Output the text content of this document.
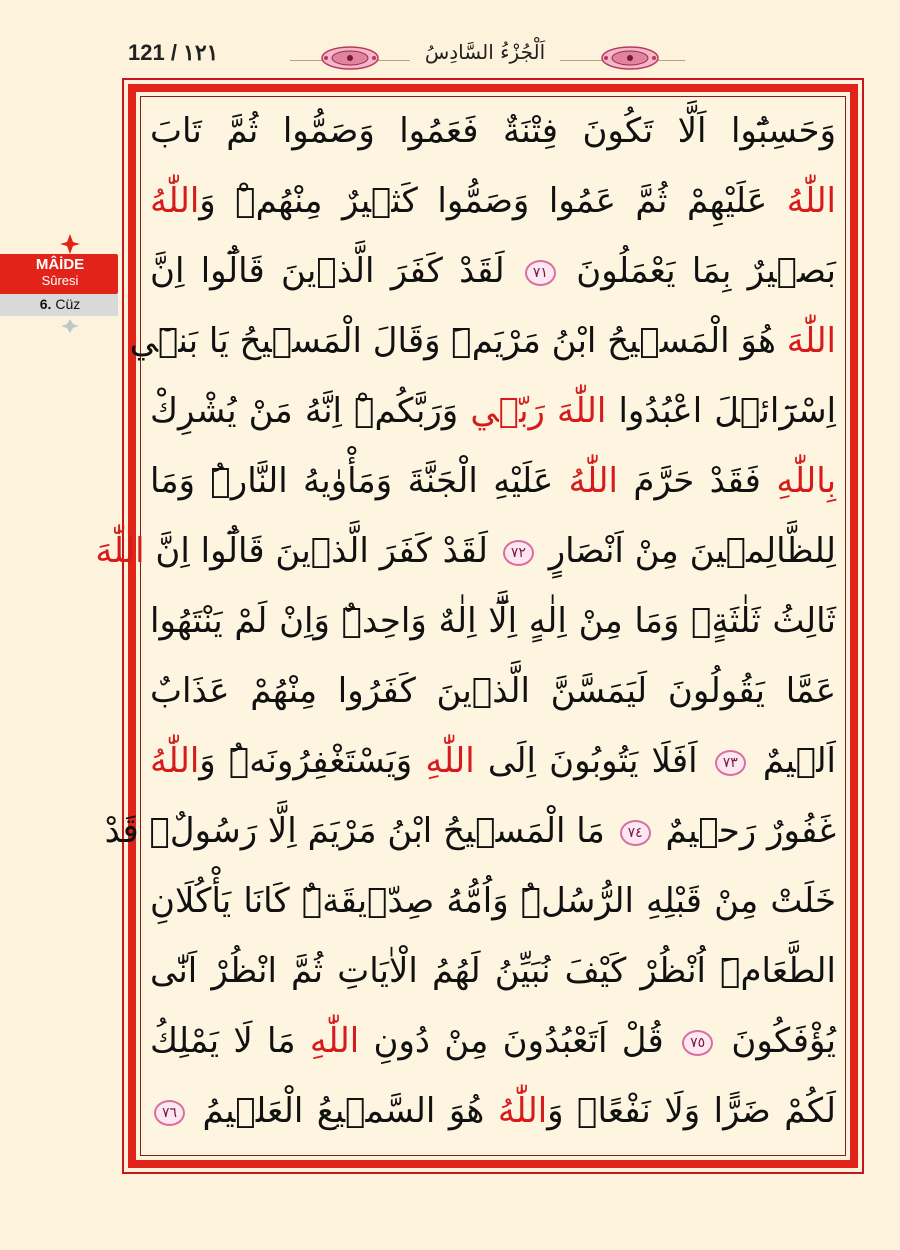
121 / ١٢١	اَلْجُزْءُ السَّادِسُ
MÂİDE
Sûresi
6. Cüz
وَحَسِبُٓوا اَلَّا تَكُونَ فِتْنَةٌ فَعَمُوا وَصَمُّوا ثُمَّ تَابَ
اللّٰهُ عَلَيْهِمْ ثُمَّ عَمُوا وَصَمُّوا كَث۪يرٌ مِنْهُمْۜ وَاللّٰهُ
بَص۪يرٌ بِمَا يَعْمَلُونَ ٧١ لَقَدْ كَفَرَ الَّذ۪ينَ قَالُٓوا اِنَّ
اللّٰهَ هُوَ الْمَس۪يحُ ابْنُ مَرْيَمَۜ وَقَالَ الْمَس۪يحُ يَا بَن۪ٓي
اِسْرَٓائ۪لَ اعْبُدُوا اللّٰهَ رَبّ۪ي وَرَبَّكُمْۜ اِنَّهُ مَنْ يُشْرِكْ
بِاللّٰهِ فَقَدْ حَرَّمَ اللّٰهُ عَلَيْهِ الْجَنَّةَ وَمَأْوٰيهُ النَّارُۜ وَمَا
لِلظَّالِم۪ينَ مِنْ اَنْصَارٍ ٧٢ لَقَدْ كَفَرَ الَّذ۪ينَ قَالُٓوا اِنَّ اللّٰهَ
ثَالِثُ ثَلٰثَةٍۢ وَمَا مِنْ اِلٰهٍ اِلَّٓا اِلٰهٌ وَاحِدٌۜ وَاِنْ لَمْ يَنْتَهُوا
عَمَّا يَقُولُونَ لَيَمَسَّنَّ الَّذ۪ينَ كَفَرُوا مِنْهُمْ عَذَابٌ
اَل۪يمٌ ٧٣ اَفَلَا يَتُوبُونَ اِلَى اللّٰهِ وَيَسْتَغْفِرُونَهُۜ وَاللّٰهُ
غَفُورٌ رَح۪يمٌ ٧٤ مَا الْمَس۪يحُ ابْنُ مَرْيَمَ اِلَّا رَسُولٌۚ قَدْ
خَلَتْ مِنْ قَبْلِهِ الرُّسُلُۜ وَاُمُّهُ صِدّ۪يقَةٌۜ كَانَا يَأْكُلَانِ
الطَّعَامَۜ اُنْظُرْ كَيْفَ نُبَيِّنُ لَهُمُ الْاٰيَاتِ ثُمَّ انْظُرْ اَنّٰى
يُؤْفَكُونَ ٧٥ قُلْ اَتَعْبُدُونَ مِنْ دُونِ اللّٰهِ مَا لَا يَمْلِكُ
لَكُمْ ضَرًّا وَلَا نَفْعًاۜ وَاللّٰهُ هُوَ السَّم۪يعُ الْعَل۪يمُ ٧٦
